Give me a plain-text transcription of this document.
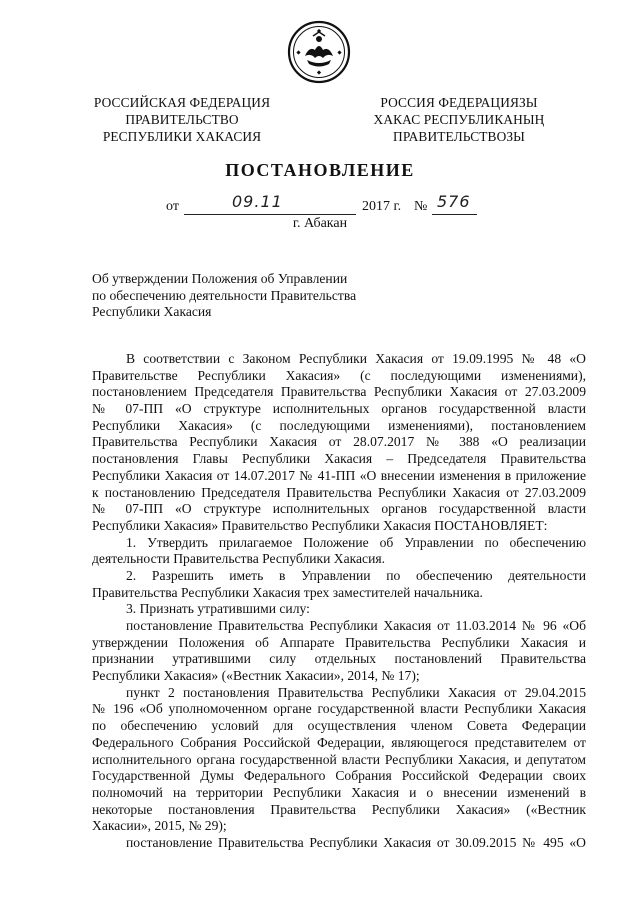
РОССИЙСКАЯ ФЕДЕРАЦИЯ
ПРАВИТЕЛЬСТВО
РЕСПУБЛИКИ ХАКАСИЯ
РОССИЯ ФЕДЕРАЦИЯЗЫ
ХАКАС РЕСПУБЛИКАНЫҢ
ПРАВИТЕЛЬСТВОЗЫ
ПОСТАНОВЛЕНИЕ
от	09.11	2017 г. № 576
г. Абакан
Об утверждении Положения об Управлении
по обеспечению деятельности Правительства
Республики Хакасия
В соответствии с Законом Республики Хакасия от 19.09.1995 № 48 «О
Правительстве Республики Хакасия» (с последующими изменениями),
постановлением Председателя Правительства Республики Хакасия от 27.03.2009
№ 07-ПП «О структуре исполнительных органов государственной власти
Республики Хакасия» (с последующими изменениями), постановлением
Правительства Республики Хакасия от 28.07.2017 № 388 «О реализации
постановления Главы Республики Хакасия – Председателя Правительства
Республики Хакасия от 14.07.2017 № 41-ПП «О внесении изменения в приложение
к постановлению Председателя Правительства Республики Хакасия от 27.03.2009
№ 07-ПП «О структуре исполнительных органов государственной власти
Республики Хакасия» Правительство Республики Хакасия ПОСТАНОВЛЯЕТ:
1. Утвердить прилагаемое Положение об Управлении по обеспечению
деятельности Правительства Республики Хакасия.
2. Разрешить иметь в Управлении по обеспечению деятельности
Правительства Республики Хакасия трех заместителей начальника.
3. Признать утратившими силу:
постановление Правительства Республики Хакасия от 11.03.2014 № 96 «Об
утверждении Положения об Аппарате Правительства Республики Хакасия и
признании утратившими силу отдельных постановлений Правительства
Республики Хакасия» («Вестник Хакасии», 2014, № 17);
пункт 2 постановления Правительства Республики Хакасия от 29.04.2015
№ 196 «Об уполномоченном органе государственной власти Республики Хакасия
по обеспечению условий для осуществления членом Совета Федерации
Федерального Собрания Российской Федерации, являющегося представителем от
исполнительного органа государственной власти Республики Хакасия, и депутатом
Государственной Думы Федерального Собрания Российской Федерации своих
полномочий на территории Республики Хакасия и о внесении изменений в
некоторые постановления Правительства Республики Хакасия» («Вестник
Хакасии», 2015, № 29);
постановление Правительства Республики Хакасия от 30.09.2015 № 495 «О
